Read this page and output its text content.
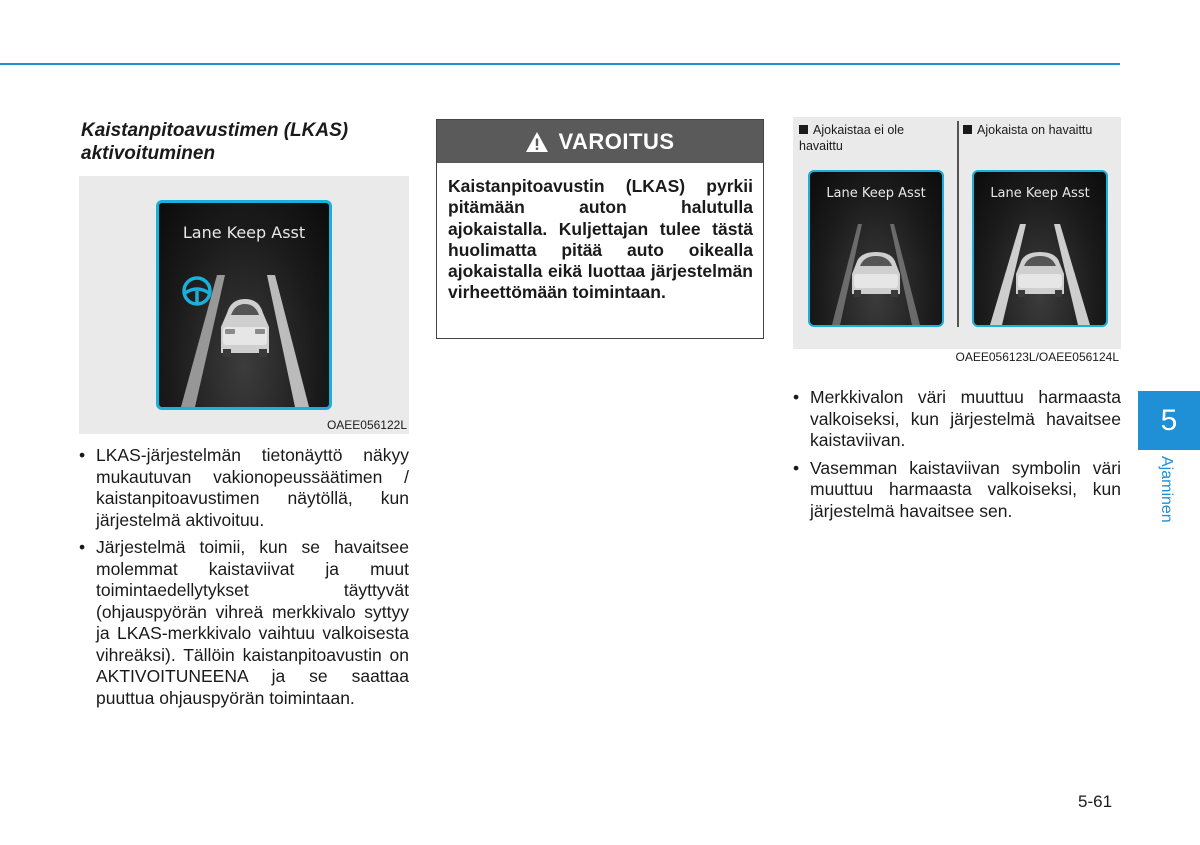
Kaistanpitoavustimen (LKAS)
aktivoituminen
Lane Keep Asst
OAEE056122L
• LKAS-järjestelmän tietonäyttö näkyy mukautuvan vakionopeussäätimen / kaistanpitoavustimen näytöllä, kun järjestelmä aktivoituu.
• Järjestelmä toimii, kun se havaitsee molemmat kaistaviivat ja muut toimintaedellytykset täyttyvät (ohjauspyörän vihreä merkkivalo syttyy ja LKAS-merkkivalo vaihtuu valkoisesta vihreäksi). Tällöin kaistanpitoavustin on AKTIVOITUNEENA ja se saattaa puuttua ohjauspyörän toimintaan.
VAROITUS
Kaistanpitoavustin (LKAS) pyrkii pitämään auton halutulla ajokaistalla. Kuljettajan tulee tästä huolimatta pitää auto oikealla ajokaistalla eikä luottaa järjestelmän virheettömään toimintaan.
Ajokaistaa ei ole havaittu
Ajokaista on havaittu
Lane Keep Asst	Lane Keep Asst
OAEE056123L/OAEE056124L
• Merkkivalon väri muuttuu harmaasta valkoiseksi, kun järjestelmä havaitsee kaistaviivan.
• Vasemman kaistaviivan symbolin väri muuttuu harmaasta valkoiseksi, kun järjestelmä havaitsee sen.
5
Ajaminen
5-61
